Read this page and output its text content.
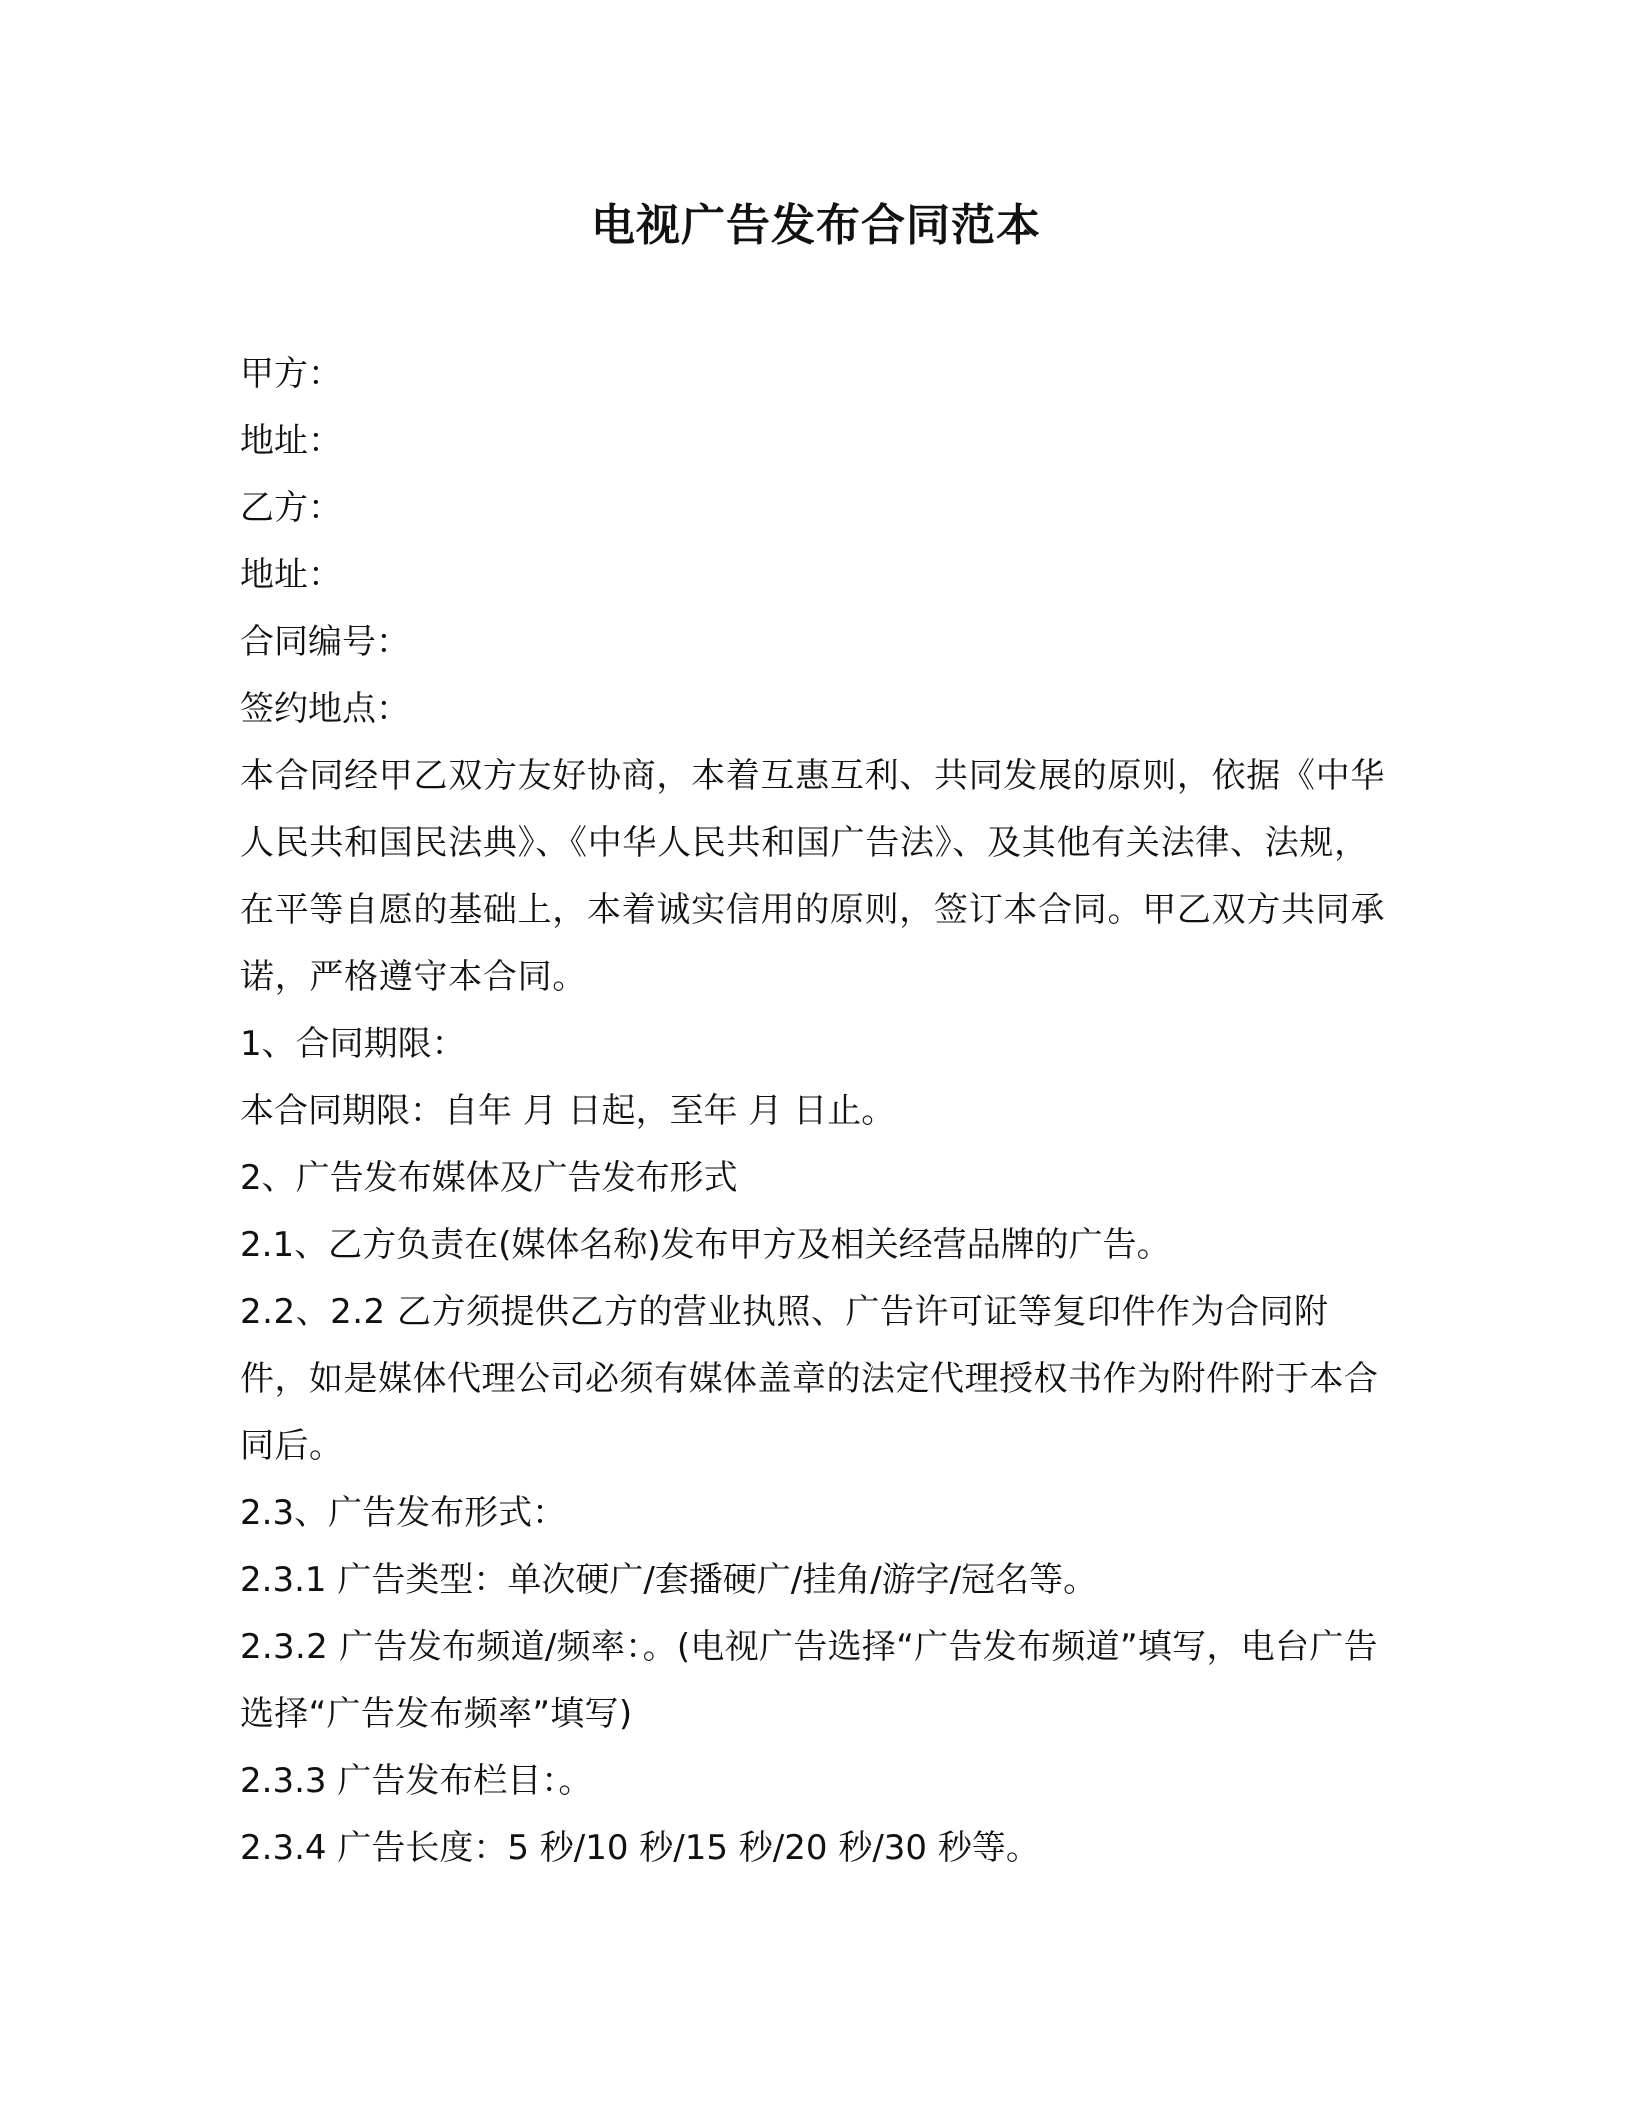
电视广告发布合同范本
甲方：
地址：
乙方：
地址：
合同编号：
签约地点：
本合同经甲乙双方友好协商，本着互惠互利、共同发展的原则，依据《中华人民共和国民法典》、《中华人民共和国广告法》、及其他有关法律、法规，在平等自愿的基础上，本着诚实信用的原则，签订本合同。甲乙双方共同承诺，严格遵守本合同。
1、合同期限：
本合同期限：自年 月 日起，至年 月 日止。
2、广告发布媒体及广告发布形式
2.1、乙方负责在(媒体名称)发布甲方及相关经营品牌的广告。
2.2、2.2 乙方须提供乙方的营业执照、广告许可证等复印件作为合同附件，如是媒体代理公司必须有媒体盖章的法定代理授权书作为附件附于本合同后。
2.3、广告发布形式：
2.3.1 广告类型：单次硬广/套播硬广/挂角/游字/冠名等。
2.3.2 广告发布频道/频率：。(电视广告选择“广告发布频道”填写，电台广告选择“广告发布频率”填写)
2.3.3 广告发布栏目：。
2.3.4 广告长度：5 秒/10 秒/15 秒/20 秒/30 秒等。
